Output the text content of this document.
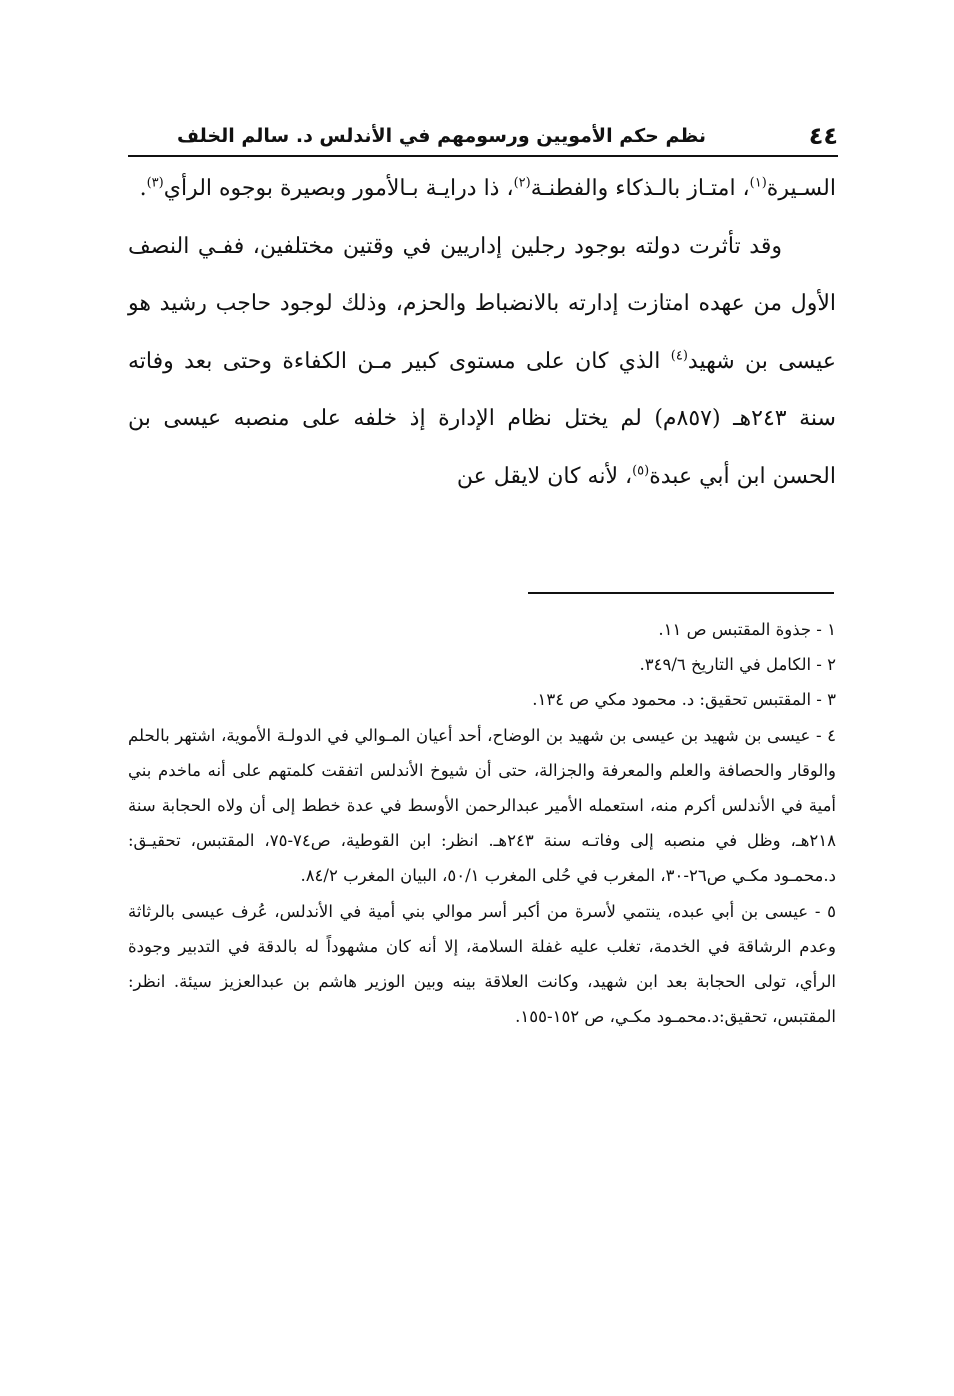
٤٤
نظم حكم الأمويين ورسومهم في الأندلس د. سالم الخلف

السـيرة$^{(١)}$، امتـاز بالـذكاء والفطنـة$^{(٢)}$، ذا درايـة بـالأمور وبصيرة بوجوه الرأي$^{(٣)}$.

وقد تأثرت دولته بوجود رجلين إداريين في وقتين مختلفين، ففـي النصف الأول من عهده امتازت إدارته بالانضباط والحزم، وذلك لوجود حاجب رشيد هو عيسى بن شهيد$^{(٤)}$ الذي كان على مستوى كبير مـن الكفاءة وحتى بعد وفاته سنة ٢٤٣هـ (٨٥٧م) لم يختل نظام الإدارة إذ خلفه على منصبه عيسى بن الحسن ابن أبي عبدة$^{(٥)}$، لأنه كان لايقل عن

١ - جذوة المقتبس ص ١١.

٢ - الكامل في التاريخ ٣٤٩/٦.

٣ - المقتبس تحقيق: د. محمود مكي ص ١٣٤.

٤ - عيسى بن شهيد بن عيسى بن شهيد بن الوضاح، أحد أعيان المـوالي في الدولـة الأموية، اشتهر بالحلم والوقار والحصافة والعلم والمعرفة والجزالة، حتى أن شيوخ الأندلس اتفقت كلمتهم على أنه ماخدم بني أمية في الأندلس أكرم منه، استعمله الأمير عبدالرحمن الأوسط في عدة خطط إلى أن ولاه الحجابة سنة ٢١٨هـ، وظل في منصبه إلى وفاتـه سنة ٢٤٣هـ. انظر: ابن القوطية، ص٧٤-٧٥، المقتبس، تحقيـق: د.محمـود مكـي ص٢٦-٣٠، المغرب في حُلى المغرب ٥٠/١، البيان المغرب ٨٤/٢.

٥ - عيسى بن أبي عبده، ينتمي لأسرة من أكبر أسر موالي بني أمية في الأندلس، عُرف عيسى بالرثاثة وعدم الرشاقة في الخدمة، تغلب عليه غفلة السلامة، إلا أنه كان مشهوداً له بالدقة في التدبير وجودة الرأي، تولى الحجابة بعد ابن شهيد، وكانت العلاقة بينه وبين الوزير هاشم بن عبدالعزيز سيئة. انظر: المقتبس، تحقيق:د.محمـود مكـي، ص ١٥٢-١٥٥.
